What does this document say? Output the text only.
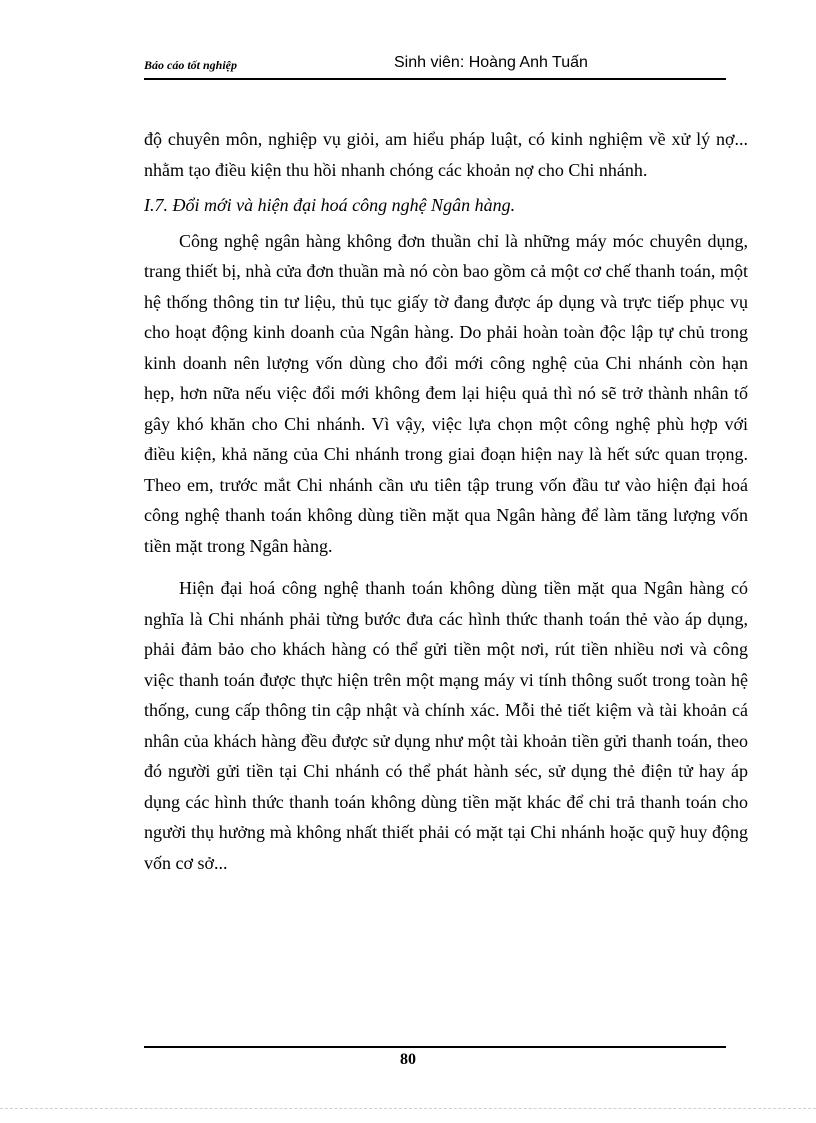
Báo cáo tốt nghiệp	Sinh viên: Hoàng Anh Tuấn

độ chuyên môn, nghiệp vụ giỏi, am hiểu pháp luật, có kinh nghiệm về xử lý nợ... nhằm tạo điều kiện thu hồi nhanh chóng các khoản nợ cho Chi nhánh.

I.7. Đổi mới và hiện đại hoá công nghệ Ngân hàng.

Công nghệ ngân hàng không đơn thuần chỉ là những máy móc chuyên dụng, trang thiết bị, nhà cửa đơn thuần mà nó còn bao gồm cả một cơ chế thanh toán, một hệ thống thông tin tư liệu, thủ tục giấy tờ đang được áp dụng và trực tiếp phục vụ cho hoạt động kinh doanh của Ngân hàng. Do phải hoàn toàn độc lập tự chủ trong kinh doanh nên lượng vốn dùng cho đổi mới công nghệ của Chi nhánh còn hạn hẹp, hơn nữa nếu việc đổi mới không đem lại hiệu quả thì nó sẽ trở thành nhân tố gây khó khăn cho Chi nhánh. Vì vậy, việc lựa chọn một công nghệ phù hợp với điều kiện, khả năng của Chi nhánh trong giai đoạn hiện nay là hết sức quan trọng. Theo em, trước mắt Chi nhánh cần ưu tiên tập trung vốn đầu tư vào hiện đại hoá công nghệ thanh toán không dùng tiền mặt qua Ngân hàng để làm tăng lượng vốn tiền mặt trong Ngân hàng.

Hiện đại hoá công nghệ thanh toán không dùng tiền mặt qua Ngân hàng có nghĩa là Chi nhánh phải từng bước đưa các hình thức thanh toán thẻ vào áp dụng, phải đảm bảo cho khách hàng có thể gửi tiền một nơi, rút tiền nhiều nơi và công việc thanh toán được thực hiện trên một mạng máy vi tính thông suốt trong toàn hệ thống, cung cấp thông tin cập nhật và chính xác. Mỗi thẻ tiết kiệm và tài khoản cá nhân của khách hàng đều được sử dụng như một tài khoản tiền gửi thanh toán, theo đó người gửi tiền tại Chi nhánh có thể phát hành séc, sử dụng thẻ điện tử hay áp dụng các hình thức thanh toán không dùng tiền mặt khác để chi trả thanh toán cho người thụ hưởng mà không nhất thiết phải có mặt tại Chi nhánh hoặc quỹ huy động vốn cơ sở...

80
